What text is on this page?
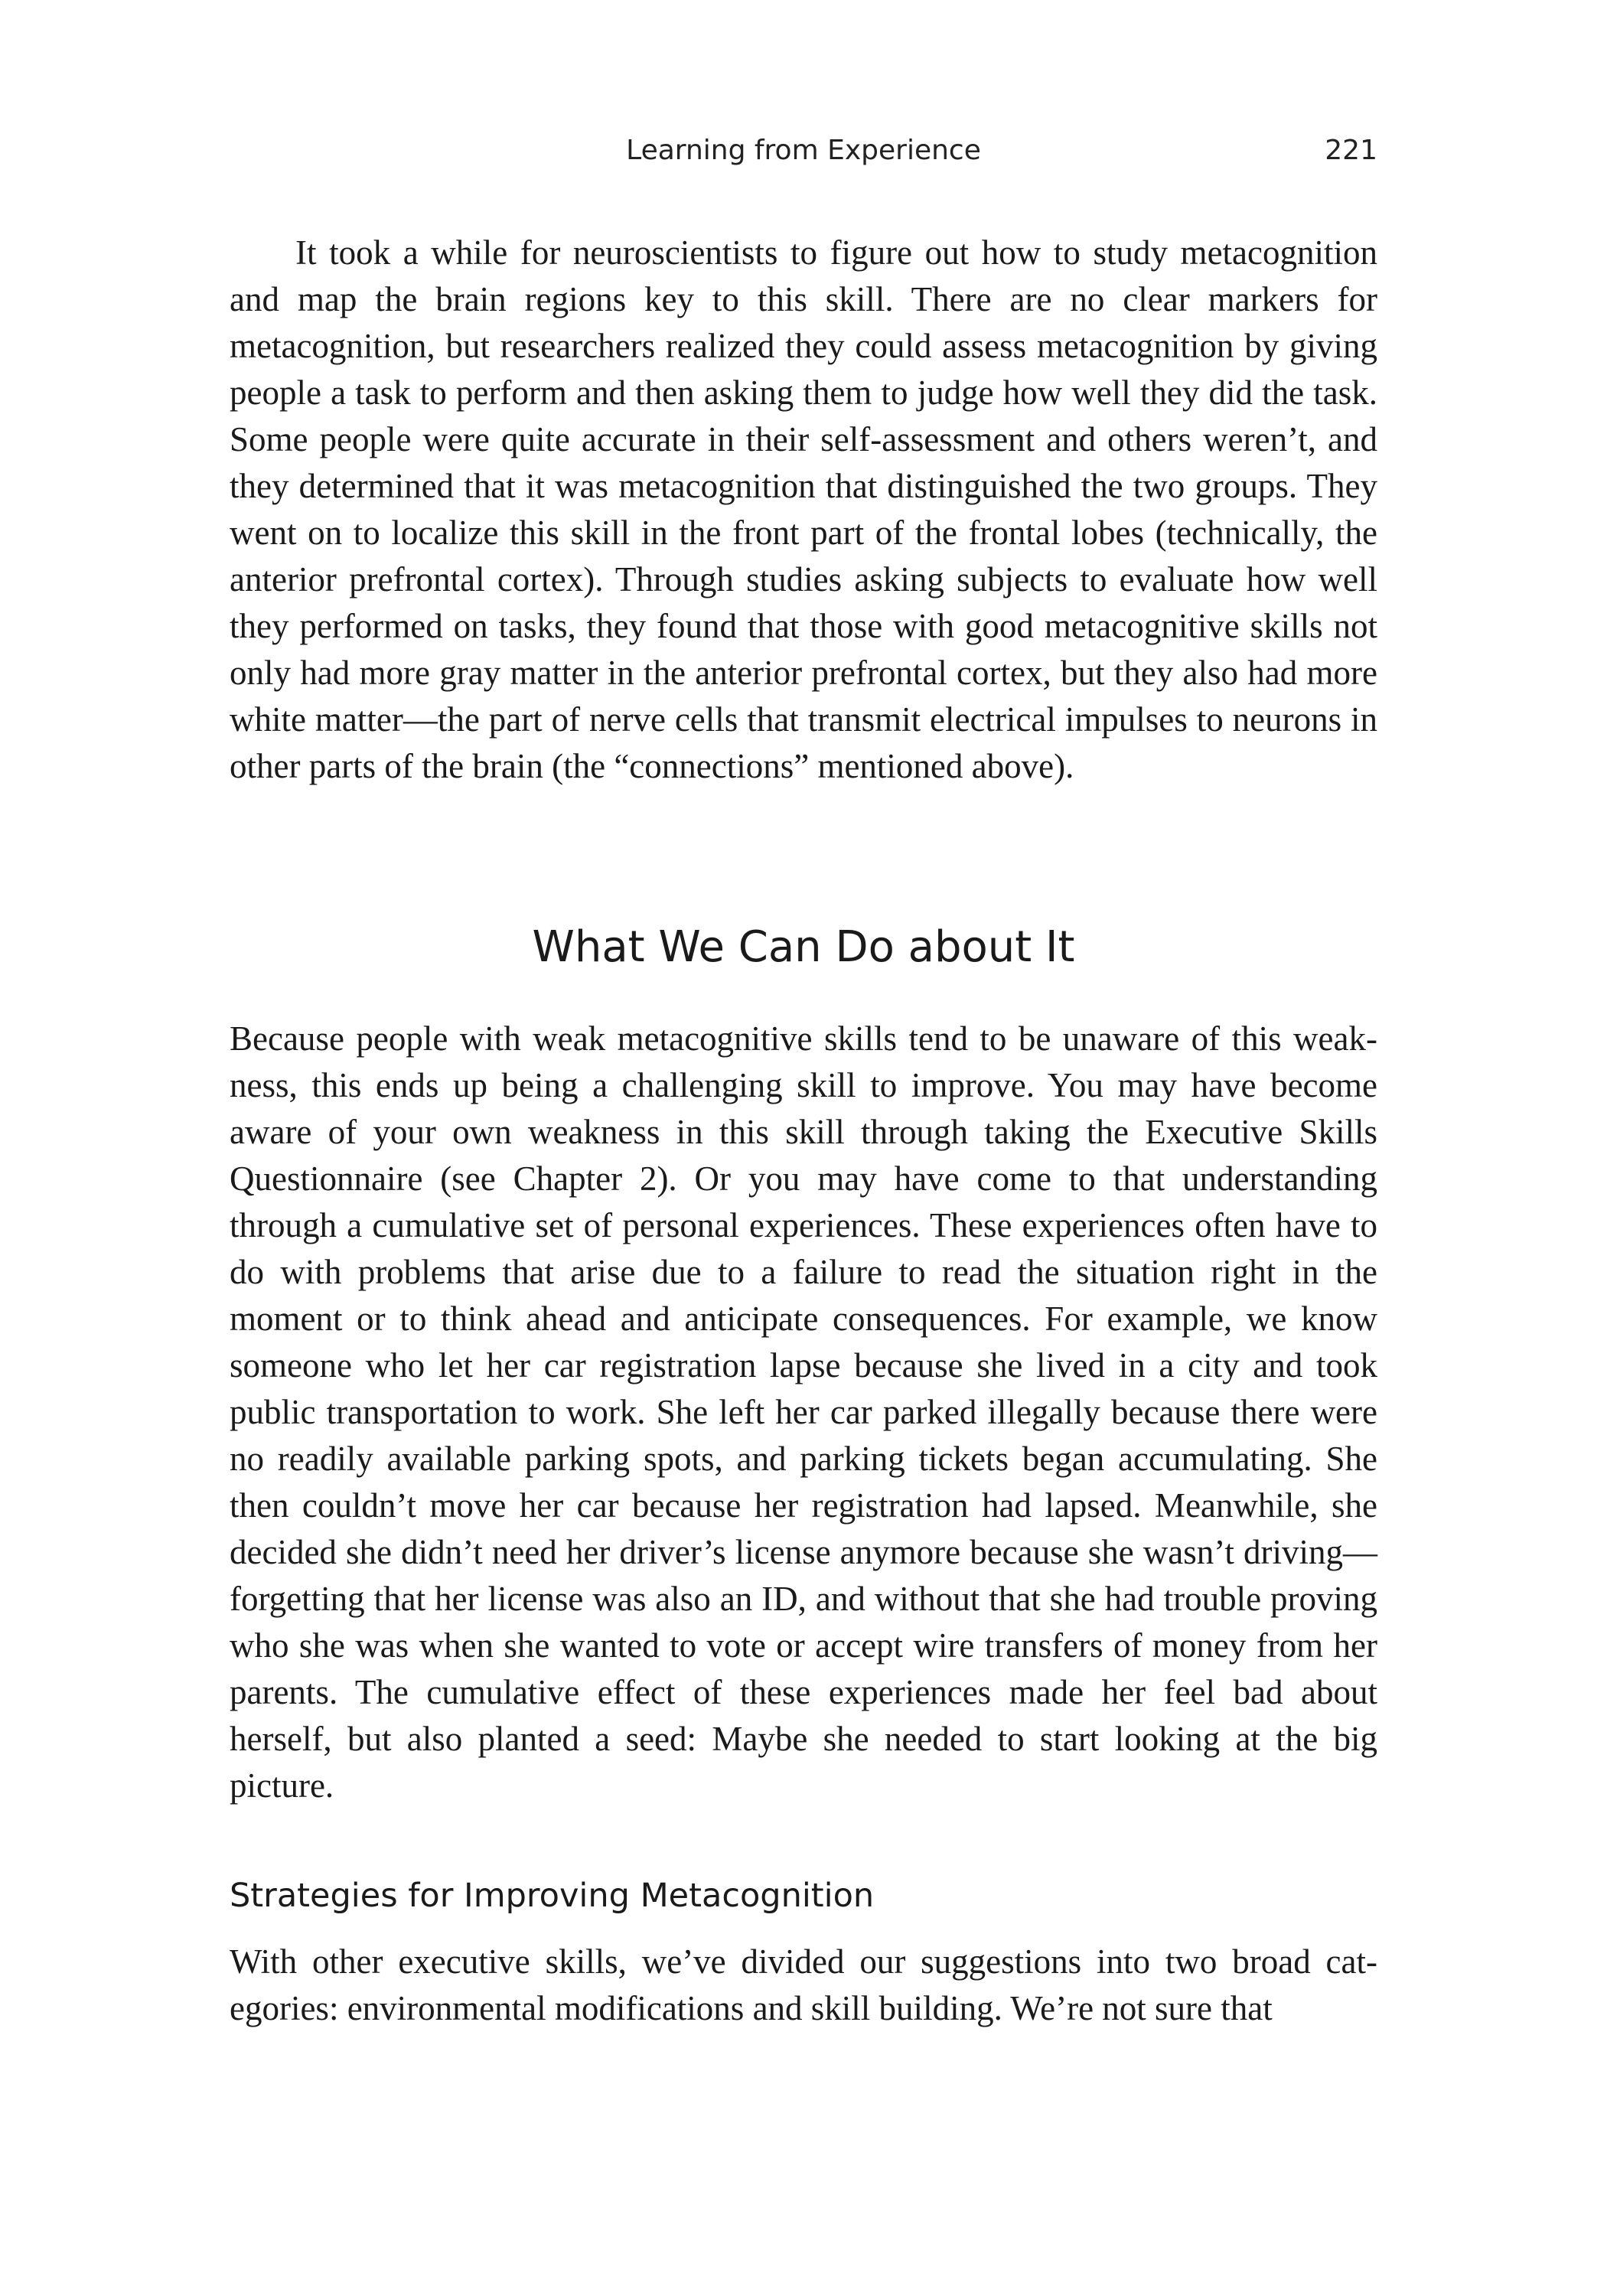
Learning from Experience	221

It took a while for neuroscientists to figure out how to study metacognition and map the brain regions key to this skill. There are no clear markers for metacognition, but researchers realized they could assess metacognition by giving people a task to perform and then asking them to judge how well they did the task. Some people were quite accurate in their self-assessment and others weren’t, and they determined that it was metacognition that distinguished the two groups. They went on to localize this skill in the front part of the frontal lobes (technically, the anterior prefrontal cortex). Through studies asking subjects to evaluate how well they performed on tasks, they found that those with good metacognitive skills not only had more gray matter in the anterior prefrontal cortex, but they also had more white matter—the part of nerve cells that transmit electrical impulses to neurons in other parts of the brain (the “connections” mentioned above).

What We Can Do about It

Because people with weak metacognitive skills tend to be unaware of this weakness, this ends up being a challenging skill to improve. You may have become aware of your own weakness in this skill through taking the Executive Skills Questionnaire (see Chapter 2). Or you may have come to that understanding through a cumulative set of personal experiences. These experiences often have to do with problems that arise due to a failure to read the situation right in the moment or to think ahead and anticipate consequences. For example, we know someone who let her car registration lapse because she lived in a city and took public transportation to work. She left her car parked illegally because there were no readily available parking spots, and parking tickets began accumulating. She then couldn’t move her car because her registration had lapsed. Meanwhile, she decided she didn’t need her driver’s license anymore because she wasn’t driving—forgetting that her license was also an ID, and without that she had trouble proving who she was when she wanted to vote or accept wire transfers of money from her parents. The cumulative effect of these experiences made her feel bad about herself, but also planted a seed: Maybe she needed to start looking at the big picture.

Strategies for Improving Metacognition

With other executive skills, we’ve divided our suggestions into two broad categories: environmental modifications and skill building. We’re not sure that
